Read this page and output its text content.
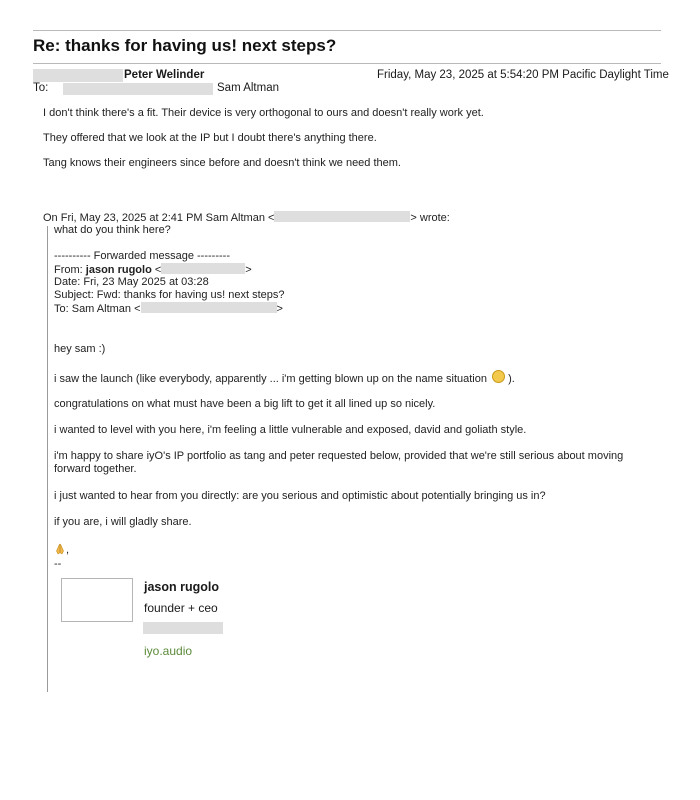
Re: thanks for having us! next steps?
Peter Welinder	Friday, May 23, 2025 at 5:54:20 PM Pacific Daylight Time
To:	Sam Altman
I don't think there's a fit. Their device is very orthogonal to ours and doesn't really work yet.
They offered that we look at the IP but I doubt there's anything there.
Tang knows their engineers since before and doesn't think we need them.
On Fri, May 23, 2025 at 2:41 PM Sam Altman <	> wrote:
what do you think here?
---------- Forwarded message ---------
From: jason rugolo <	>
Date: Fri, 23 May 2025 at 03:28
Subject: Fwd: thanks for having us! next steps?
To: Sam Altman <	>
hey sam :)
i saw the launch (like everybody, apparently ... i'm getting blown up on the name situation ).
congratulations on what must have been a big lift to get it all lined up so nicely.
i wanted to level with you here, i'm feeling a little vulnerable and exposed, david and goliath style.
i'm happy to share iyO's IP portfolio as tang and peter requested below, provided that we're still serious about moving forward together.
i just wanted to hear from you directly: are you serious and optimistic about potentially bringing us in?
if you are, i will gladly share.
,
--
jason rugolo
founder + ceo
iyo.audio
